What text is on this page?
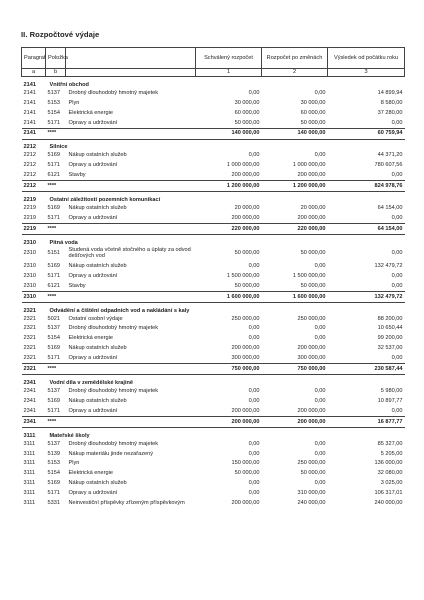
II. Rozpočtové výdaje
Paragraf	Položka		Schválený rozpočet	Rozpočet po změnách	Výsledek od počátku roku
a	b		1	2	3
2141	Vnitřní obchod				
2141	5137	Drobný dlouhodobý hmotný majetek	0,00	0,00	14 899,94
2141	5153	Plyn	30 000,00	30 000,00	8 580,00
2141	5154	Elektrická energie	60 000,00	60 000,00	37 280,00
2141	5171	Opravy a udržování	50 000,00	50 000,00	0,00
2141	****		140 000,00	140 000,00	60 759,94
2212	Silnice				
2212	5169	Nákup ostatních služeb	0,00	0,00	44 371,20
2212	5171	Opravy a udržování	1 000 000,00	1 000 000,00	780 607,56
2212	6121	Stavby	200 000,00	200 000,00	0,00
2212	****		1 200 000,00	1 200 000,00	824 978,76
2219	Ostatní záležitosti pozemních komunikací				
2219	5169	Nákup ostatních služeb	20 000,00	20 000,00	64 154,00
2219	5171	Opravy a udržování	200 000,00	200 000,00	0,00
2219	****		220 000,00	220 000,00	64 154,00
2310	Pitná voda				
2310	5151	Studená voda včetně stočného a úplaty za odvod dešťových vod	50 000,00	50 000,00	0,00
2310	5169	Nákup ostatních služeb	0,00	0,00	132 479,72
2310	5171	Opravy a udržování	1 500 000,00	1 500 000,00	0,00
2310	6121	Stavby	50 000,00	50 000,00	0,00
2310	****		1 600 000,00	1 600 000,00	132 479,72
2321	Odvádění a čištění odpadních vod a nakládání s kaly				
2321	5021	Ostatní osobní výdaje	250 000,00	250 000,00	88 200,00
2321	5137	Drobný dlouhodobý hmotný majetek	0,00	0,00	10 650,44
2321	5154	Elektrická energie	0,00	0,00	99 200,00
2321	5169	Nákup ostatních služeb	200 000,00	200 000,00	32 537,00
2321	5171	Opravy a udržování	300 000,00	300 000,00	0,00
2321	****		750 000,00	750 000,00	230 587,44
2341	Vodní díla v zemědělské krajině				
2341	5137	Drobný dlouhodobý hmotný majetek	0,00	0,00	5 980,00
2341	5169	Nákup ostatních služeb	0,00	0,00	10 897,77
2341	5171	Opravy a udržování	200 000,00	200 000,00	0,00
2341	****		200 000,00	200 000,00	16 877,77
3111	Mateřské školy				
3111	5137	Drobný dlouhodobý hmotný majetek	0,00	0,00	85 327,00
3111	5139	Nákup materiálu jinde nezařazený	0,00	0,00	5 205,00
3111	5153	Plyn	150 000,00	250 000,00	136 000,00
3111	5154	Elektrická energie	50 000,00	50 000,00	32 080,00
3111	5169	Nákup ostatních služeb	0,00	0,00	3 025,00
3111	5171	Opravy a udržování	0,00	310 000,00	106 317,01
3111	5331	Neinvestiční příspěvky zřízeným příspěvkovým	200 000,00	240 000,00	240 000,00
